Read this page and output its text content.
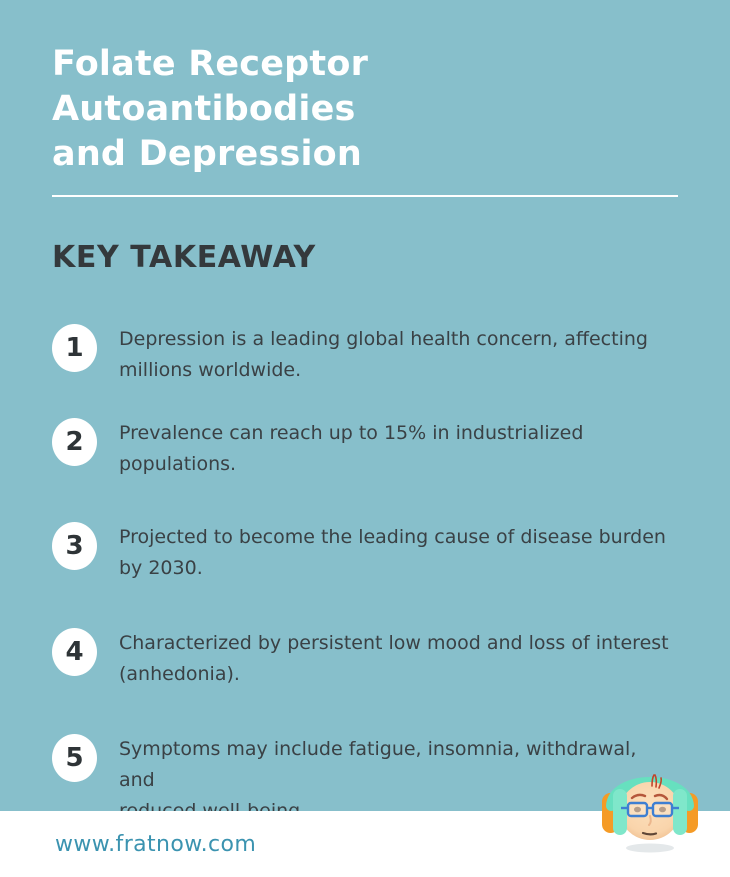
Folate Receptor Autoantibodies
and Depression
KEY TAKEAWAY
1	Depression is a leading global health concern, affecting
millions worldwide.
2	Prevalence can reach up to 15% in industrialized populations.
3	Projected to become the leading cause of disease burden
by 2030.
4	Characterized by persistent low mood and loss of interest
(anhedonia).
5	Symptoms may include fatigue, insomnia, withdrawal, and
www.fratnow.com
